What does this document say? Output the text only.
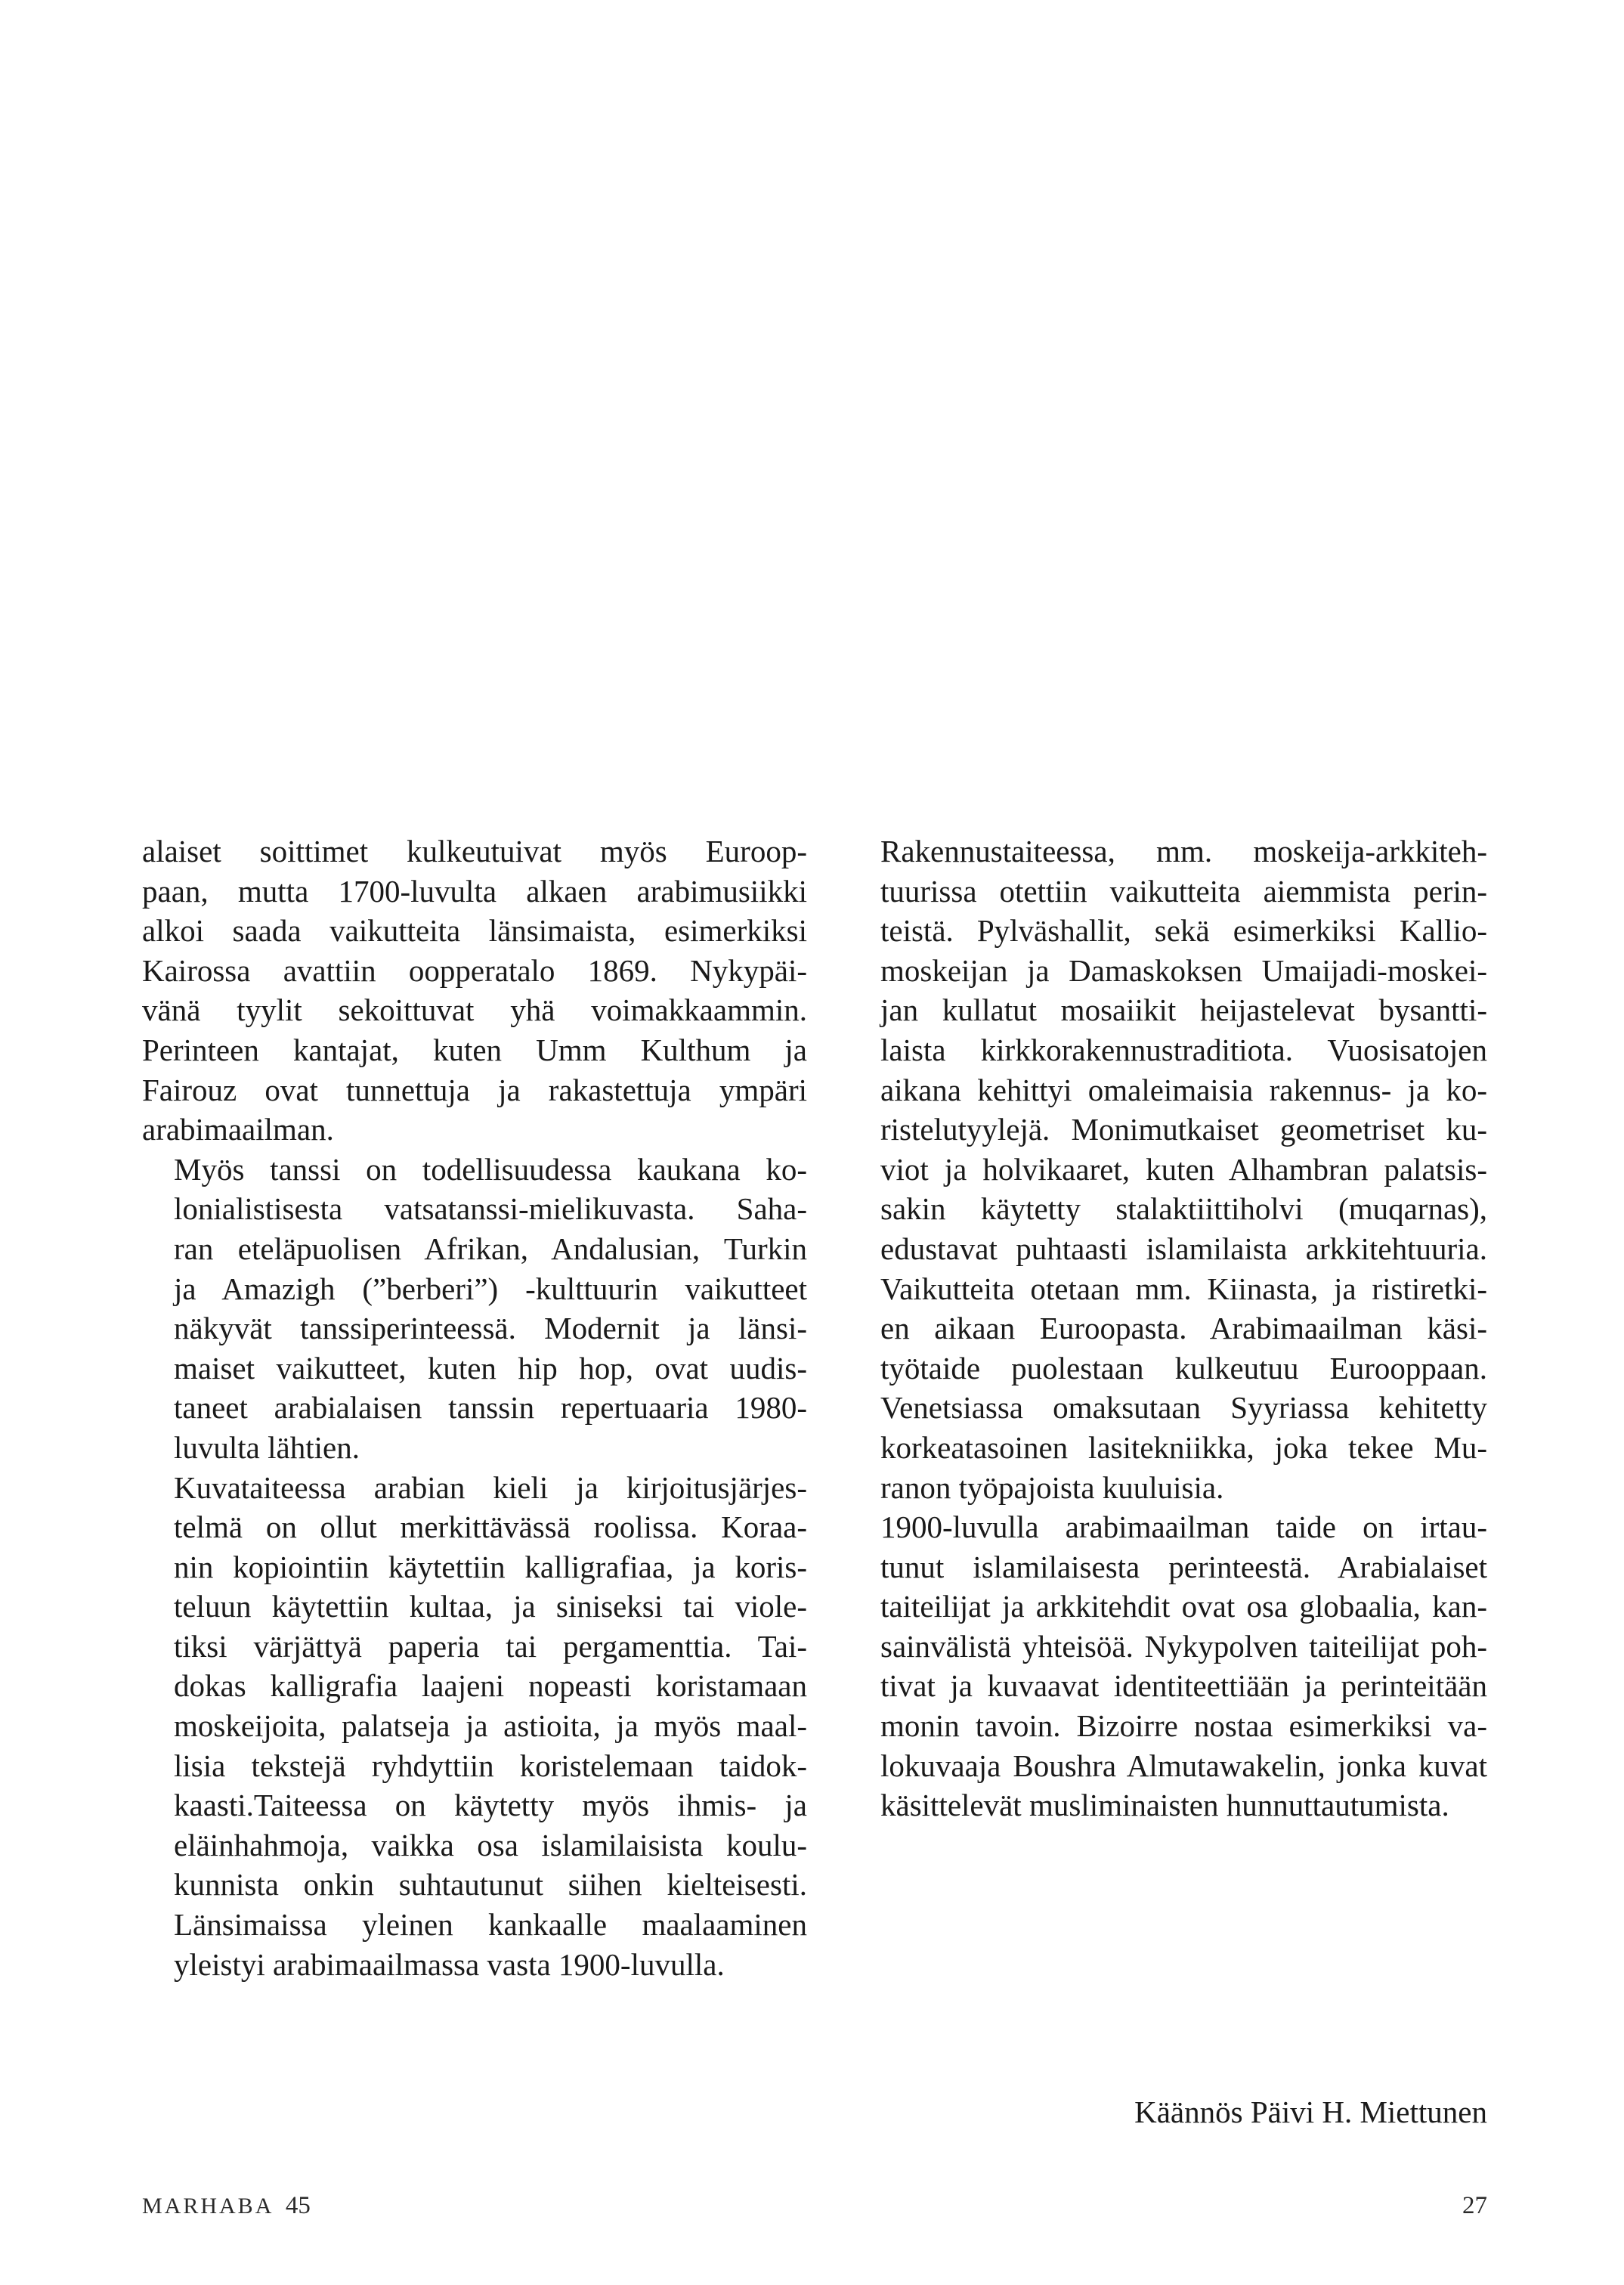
alaiset soittimet kulkeutuivat myös Euroop-
paan, mutta 1700-luvulta alkaen arabimusiikki
alkoi saada vaikutteita länsimaista, esimerkiksi
Kairossa avattiin oopperatalo 1869. Nykypäi-
vänä tyylit sekoittuvat yhä voimakkaammin.
Perinteen kantajat, kuten Umm Kulthum ja
Fairouz ovat tunnettuja ja rakastettuja ympäri
arabimaailman.

Myös tanssi on todellisuudessa kaukana ko-
lonialistisesta vatsatanssi-mielikuvasta. Saha-
ran eteläpuolisen Afrikan, Andalusian, Turkin
ja Amazigh (”berberi”) -kulttuurin vaikutteet
näkyvät tanssiperinteessä. Modernit ja länsi-
maiset vaikutteet, kuten hip hop, ovat uudis-
taneet arabialaisen tanssin repertuaaria 1980-
luvulta lähtien.

Kuvataiteessa arabian kieli ja kirjoitusjärjes-
telmä on ollut merkittävässä roolissa. Koraa-
nin kopiointiin käytettiin kalligrafiaa, ja koris-
teluun käytettiin kultaa, ja siniseksi tai viole-
tiksi värjättyä paperia tai pergamenttia. Tai-
dokas kalligrafia laajeni nopeasti koristamaan
moskeijoita, palatseja ja astioita, ja myös maal-
lisia tekstejä ryhdyttiin koristelemaan taidok-
kaasti.Taiteessa on käytetty myös ihmis- ja
eläinhahmoja, vaikka osa islamilaisista koulu-
kunnista onkin suhtautunut siihen kielteisesti.
Länsimaissa yleinen kankaalle maalaaminen
yleistyi arabimaailmassa vasta 1900-luvulla.

Rakennustaiteessa, mm. moskeija-arkkiteh-
tuurissa otettiin vaikutteita aiemmista perin-
teistä. Pylväshallit, sekä esimerkiksi Kallio-
moskeijan ja Damaskoksen Umaijadi-moskei-
jan kullatut mosaiikit heijastelevat bysantti-
laista kirkkorakennustraditiota. Vuosisatojen
aikana kehittyi omaleimaisia rakennus- ja ko-
ristelutyylejä. Monimutkaiset geometriset ku-
viot ja holvikaaret, kuten Alhambran palatsis-
sakin käytetty stalaktiittiholvi (muqarnas),
edustavat puhtaasti islamilaista arkkitehtuuria.
Vaikutteita otetaan mm. Kiinasta, ja ristiretki-
en aikaan Euroopasta. Arabimaailman käsi-
työtaide puolestaan kulkeutuu Eurooppaan.
Venetsiassa omaksutaan Syyriassa kehitetty
korkeatasoinen lasitekniikka, joka tekee Mu-
ranon työpajoista kuuluisia.

1900-luvulla arabimaailman taide on irtau-
tunut islamilaisesta perinteestä. Arabialaiset
taiteilijat ja arkkitehdit ovat osa globaalia, kan-
sainvälistä yhteisöä. Nykypolven taiteilijat poh-
tivat ja kuvaavat identiteettiään ja perinteitään
monin tavoin. Bizoirre nostaa esimerkiksi va-
lokuvaaja Boushra Almutawakelin, jonka kuvat
käsittelevät musliminaisten hunnuttautumista.

Käännös Päivi H. Miettunen
MARHABA 45	27
